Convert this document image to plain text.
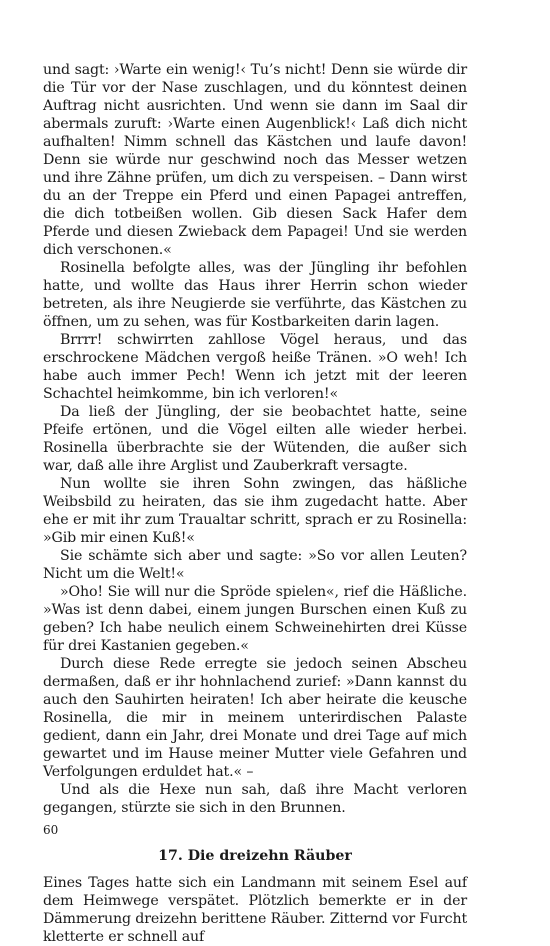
und sagt: ›Warte ein wenig!‹ Tu’s nicht! Denn sie würde dir die Tür vor der Nase zuschlagen, und du könntest deinen Auftrag nicht ausrichten. Und wenn sie dann im Saal dir abermals zuruft: ›Warte einen Augenblick!‹ Laß dich nicht aufhalten! Nimm schnell das Kästchen und laufe davon! Denn sie würde nur geschwind noch das Messer wetzen und ihre Zähne prüfen, um dich zu verspeisen. – Dann wirst du an der Treppe ein Pferd und einen Papagei antreffen, die dich totbeißen wollen. Gib diesen Sack Hafer dem Pferde und diesen Zwieback dem Papagei! Und sie werden dich verschonen.«

Rosinella befolgte alles, was der Jüngling ihr befohlen hatte, und wollte das Haus ihrer Herrin schon wieder betreten, als ihre Neugierde sie verführte, das Kästchen zu öffnen, um zu sehen, was für Kostbarkeiten darin lagen.

Brrrr! schwirrten zahllose Vögel heraus, und das erschrockene Mädchen vergoß heiße Tränen. »O weh! Ich habe auch immer Pech! Wenn ich jetzt mit der leeren Schachtel heimkomme, bin ich verloren!«

Da ließ der Jüngling, der sie beobachtet hatte, seine Pfeife ertönen, und die Vögel eilten alle wieder herbei. Rosinella überbrachte sie der Wütenden, die außer sich war, daß alle ihre Arglist und Zauberkraft versagte.

Nun wollte sie ihren Sohn zwingen, das häßliche Weibsbild zu heiraten, das sie ihm zugedacht hatte. Aber ehe er mit ihr zum Traualtar schritt, sprach er zu Rosinella: »Gib mir einen Kuß!«

Sie schämte sich aber und sagte: »So vor allen Leuten? Nicht um die Welt!«

»Oho! Sie will nur die Spröde spielen«, rief die Häßliche. »Was ist denn dabei, einem jungen Burschen einen Kuß zu geben? Ich habe neulich einem Schweinehirten drei Küsse für drei Kastanien gegeben.«

Durch diese Rede erregte sie jedoch seinen Abscheu dermaßen, daß er ihr hohnlachend zurief: »Dann kannst du auch den Sauhirten heiraten! Ich aber heirate die keusche Rosinella, die mir in meinem unterirdischen Palaste gedient, dann ein Jahr, drei Monate und drei Tage auf mich gewartet und im Hause meiner Mutter viele Gefahren und Verfolgungen erduldet hat.« –

Und als die Hexe nun sah, daß ihre Macht verloren gegangen, stürzte sie sich in den Brunnen.

17. Die dreizehn Räuber

Eines Tages hatte sich ein Landmann mit seinem Esel auf dem Heimwege verspätet. Plötzlich bemerkte er in der Dämmerung dreizehn berittene Räuber. Zitternd vor Furcht kletterte er schnell auf

60
